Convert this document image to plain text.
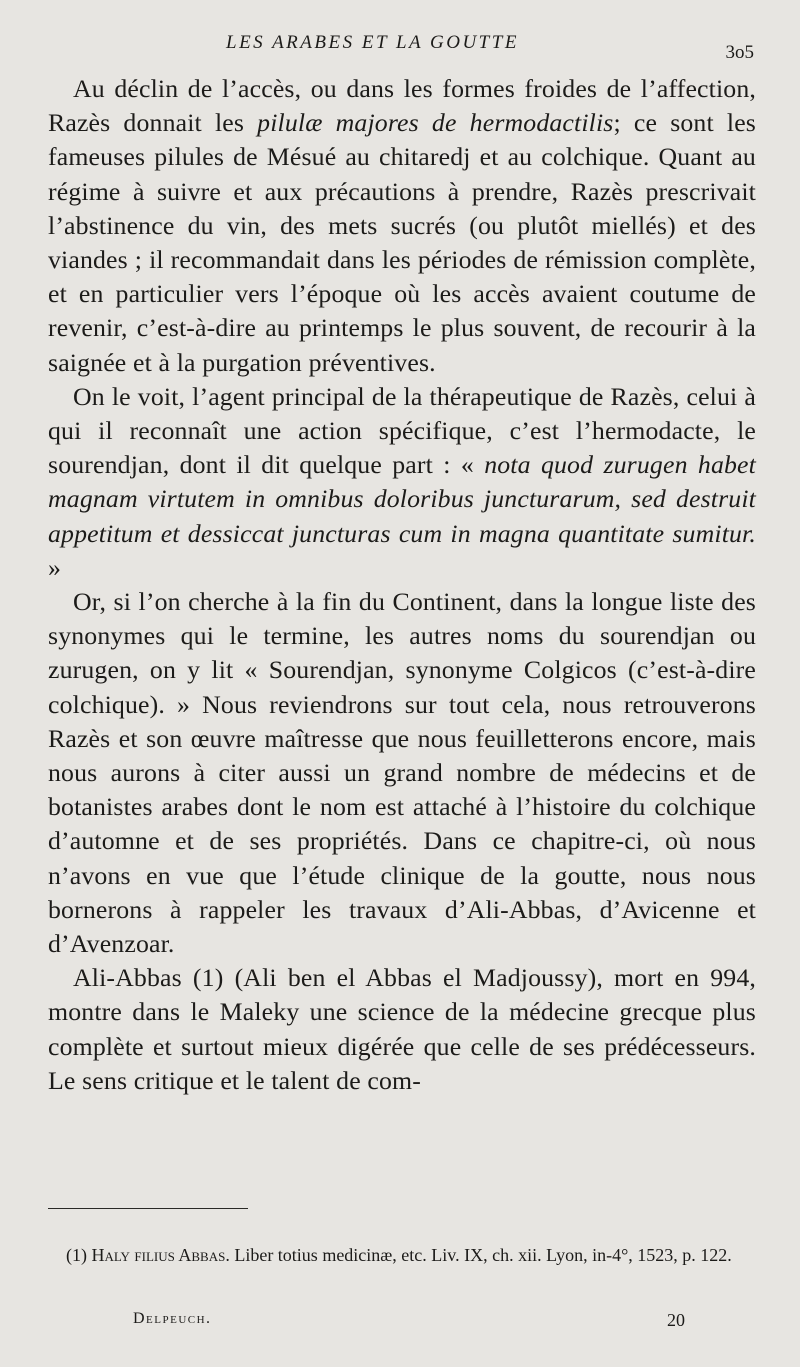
LES ARABES ET LA GOUTTE	3o5

Au déclin de l’accès, ou dans les formes froides de l’affection, Razès donnait les pilulæ majores de hermodactilis; ce sont les fameuses pilules de Mésué au chitaredj et au colchique. Quant au régime à suivre et aux précautions à prendre, Razès prescrivait l’abstinence du vin, des mets sucrés (ou plutôt miellés) et des viandes ; il recommandait dans les périodes de rémission complète, et en particulier vers l’époque où les accès avaient coutume de revenir, c’est-à-dire au printemps le plus souvent, de recourir à la saignée et à la purgation préventives.

On le voit, l’agent principal de la thérapeutique de Razès, celui à qui il reconnaît une action spécifique, c’est l’hermodacte, le sourendjan, dont il dit quelque part : « nota quod zurugen habet magnam virtutem in omnibus doloribus juncturarum, sed destruit appetitum et dessiccat juncturas cum in magna quantitate sumitur. »

Or, si l’on cherche à la fin du Continent, dans la longue liste des synonymes qui le termine, les autres noms du sourendjan ou zurugen, on y lit « Sourendjan, synonyme Colgicos (c’est-à-dire colchique). » Nous reviendrons sur tout cela, nous retrouverons Razès et son œuvre maîtresse que nous feuilletterons encore, mais nous aurons à citer aussi un grand nombre de médecins et de botanistes arabes dont le nom est attaché à l’histoire du colchique d’automne et de ses propriétés. Dans ce chapitre-ci, où nous n’avons en vue que l’étude clinique de la goutte, nous nous bornerons à rappeler les travaux d’Ali-Abbas, d’Avicenne et d’Avenzoar.

Ali-Abbas (1) (Ali ben el Abbas el Madjoussy), mort en 994, montre dans le Maleky une science de la médecine grecque plus complète et surtout mieux digérée que celle de ses prédécesseurs. Le sens critique et le talent de com-

(1) Haly filius Abbas. Liber totius medicinæ, etc. Liv. IX, ch. xii. Lyon, in-4°, 1523, p. 122.
Delpeuch.	20
